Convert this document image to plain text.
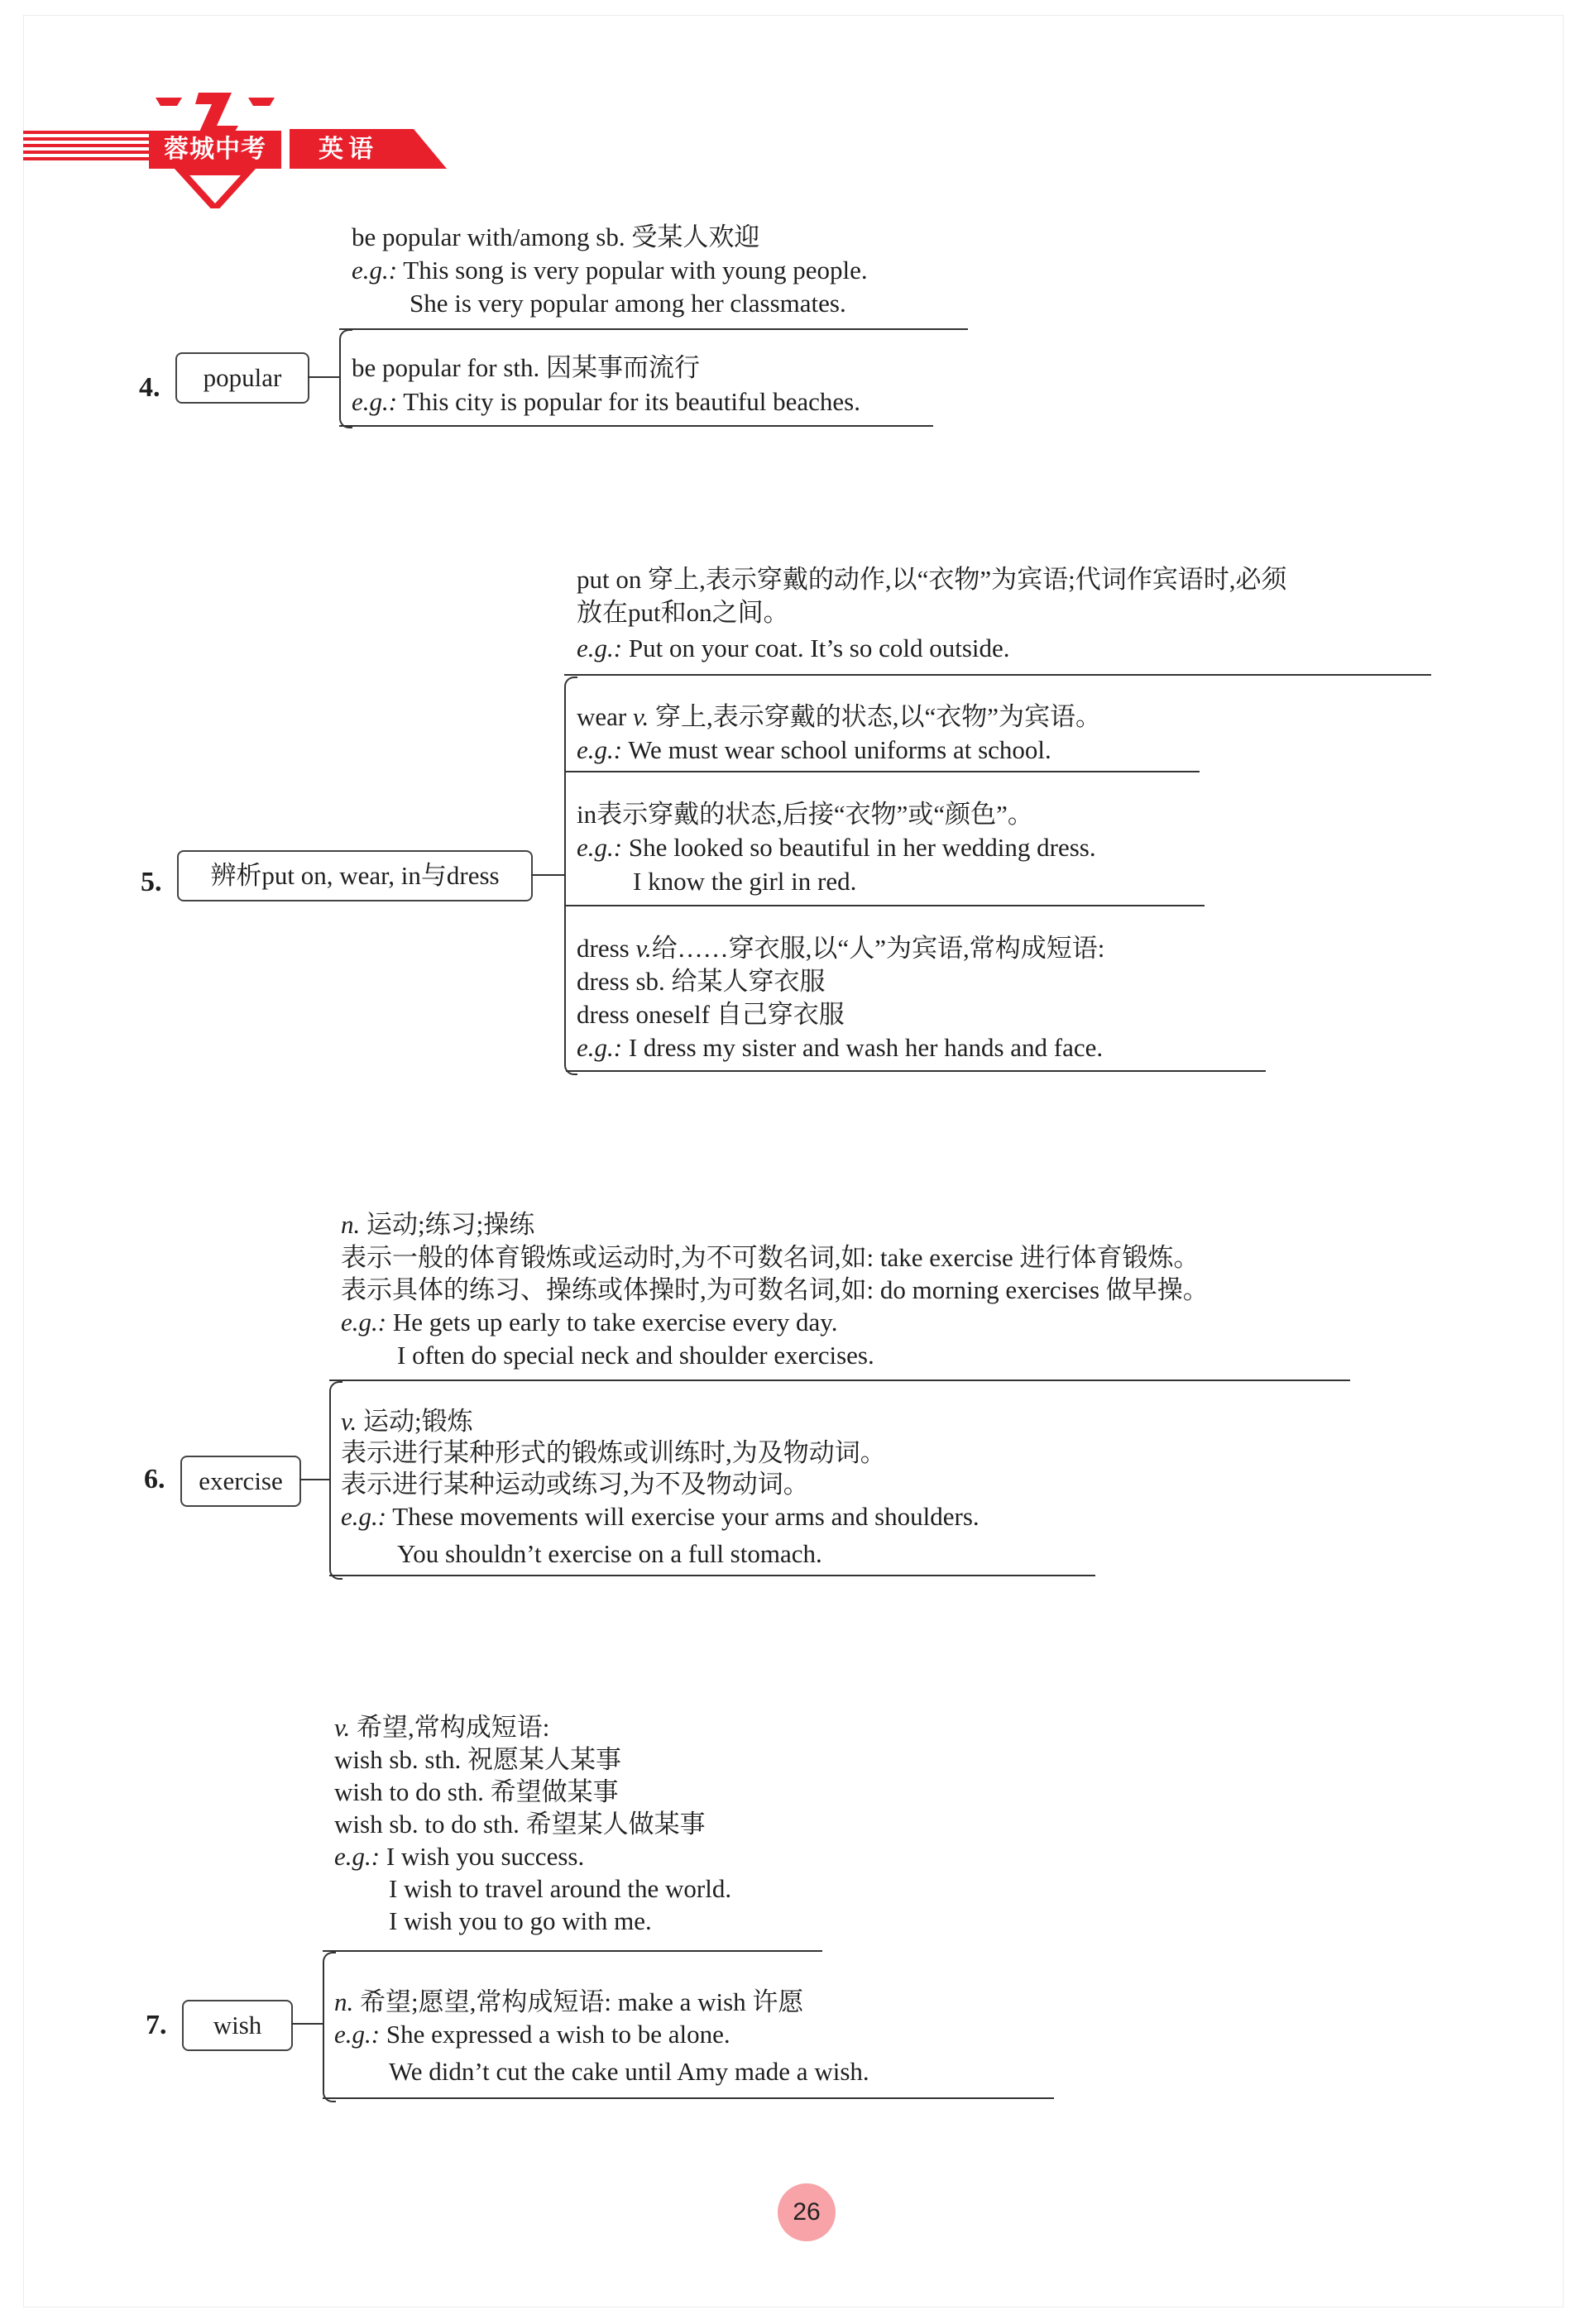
蓉城中考	英语
4.	popular
be popular with/among sb. 受某人欢迎
e.g.: This song is very popular with young people.
She is very popular among her classmates.
be popular for sth. 因某事而流行
e.g.: This city is popular for its beautiful beaches.
5.	辨析put on, wear, in与dress
put on 穿上,表示穿戴的动作,以“衣物”为宾语;代词作宾语时,必须
放在put和on之间。
e.g.: Put on your coat. It’s so cold outside.
wear v. 穿上,表示穿戴的状态,以“衣物”为宾语。
e.g.: We must wear school uniforms at school.
in表示穿戴的状态,后接“衣物”或“颜色”。
e.g.: She looked so beautiful in her wedding dress.
I know the girl in red.
dress v.给……穿衣服,以“人”为宾语,常构成短语:
dress sb. 给某人穿衣服
dress oneself 自己穿衣服
e.g.: I dress my sister and wash her hands and face.
6.	exercise
n. 运动;练习;操练
表示一般的体育锻炼或运动时,为不可数名词,如: take exercise 进行体育锻炼。
表示具体的练习、操练或体操时,为可数名词,如: do morning exercises 做早操。
e.g.: He gets up early to take exercise every day.
I often do special neck and shoulder exercises.
v. 运动;锻炼
表示进行某种形式的锻炼或训练时,为及物动词。
表示进行某种运动或练习,为不及物动词。
e.g.: These movements will exercise your arms and shoulders.
You shouldn’t exercise on a full stomach.
7.	wish
v. 希望,常构成短语:
wish sb. sth. 祝愿某人某事
wish to do sth. 希望做某事
wish sb. to do sth. 希望某人做某事
e.g.: I wish you success.
I wish to travel around the world.
I wish you to go with me.
n. 希望;愿望,常构成短语: make a wish 许愿
e.g.: She expressed a wish to be alone.
We didn’t cut the cake until Amy made a wish.
26
